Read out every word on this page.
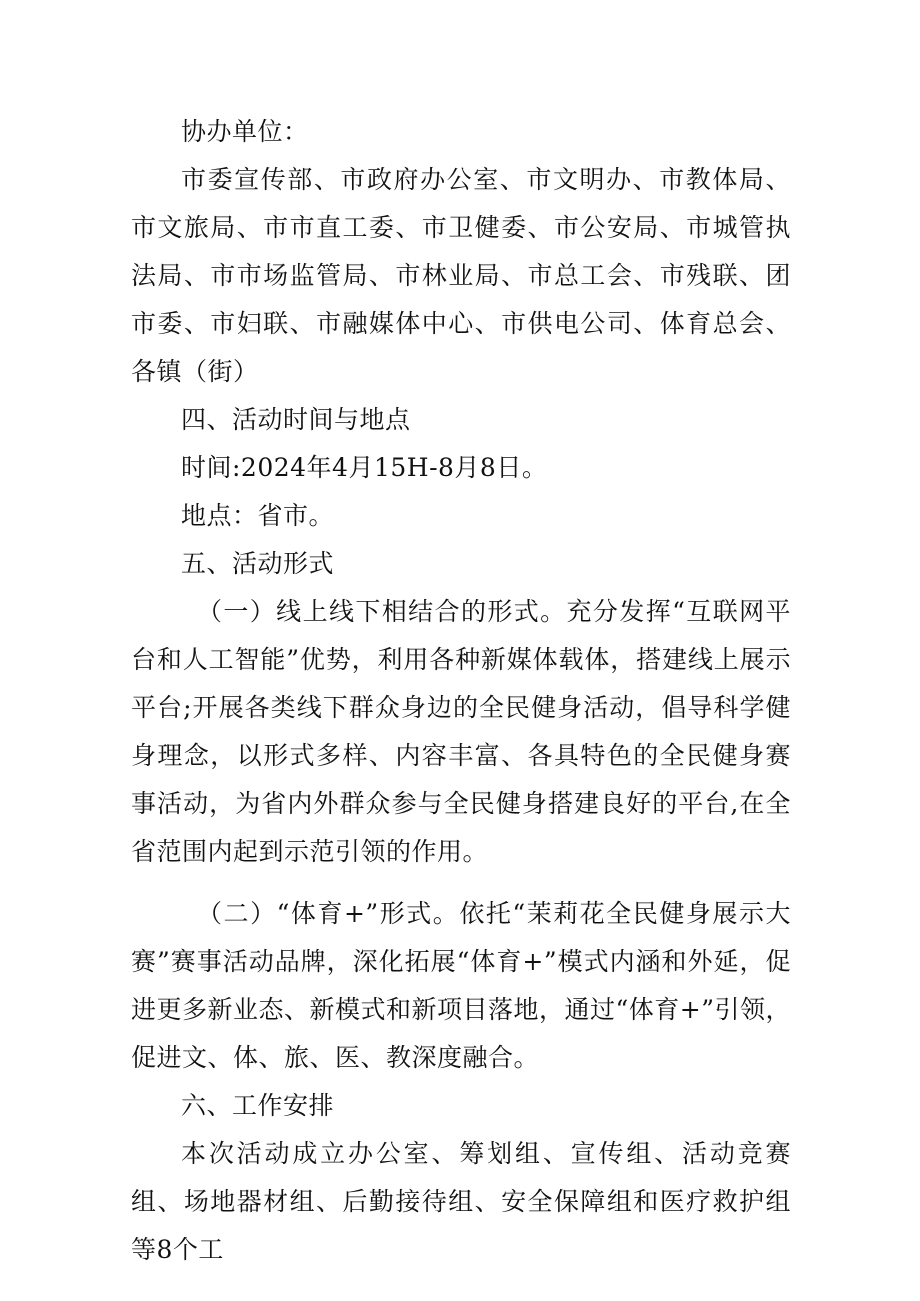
协办单位：

市委宣传部、市政府办公室、市文明办、市教体局、市文旅局、市市直工委、市卫健委、市公安局、市城管执法局、市市场监管局、市林业局、市总工会、市残联、团市委、市妇联、市融媒体中心、市供电公司、体育总会、各镇（街）

四、活动时间与地点

时间:2024年4月15H-8月8日。

地点：省市。

五、活动形式

（一）线上线下相结合的形式。充分发挥“互联网平台和人工智能”优势，利用各种新媒体载体，搭建线上展示平台;开展各类线下群众身边的全民健身活动，倡导科学健身理念，以形式多样、内容丰富、各具特色的全民健身赛事活动，为省内外群众参与全民健身搭建良好的平台,在全省范围内起到示范引领的作用。

（二）“体育+”形式。依托“茉莉花全民健身展示大赛”赛事活动品牌，深化拓展“体育+”模式内涵和外延，促进更多新业态、新模式和新项目落地，通过“体育+”引领，促进文、体、旅、医、教深度融合。

六、工作安排

本次活动成立办公室、筹划组、宣传组、活动竞赛组、场地器材组、后勤接待组、安全保障组和医疗救护组等8个工
